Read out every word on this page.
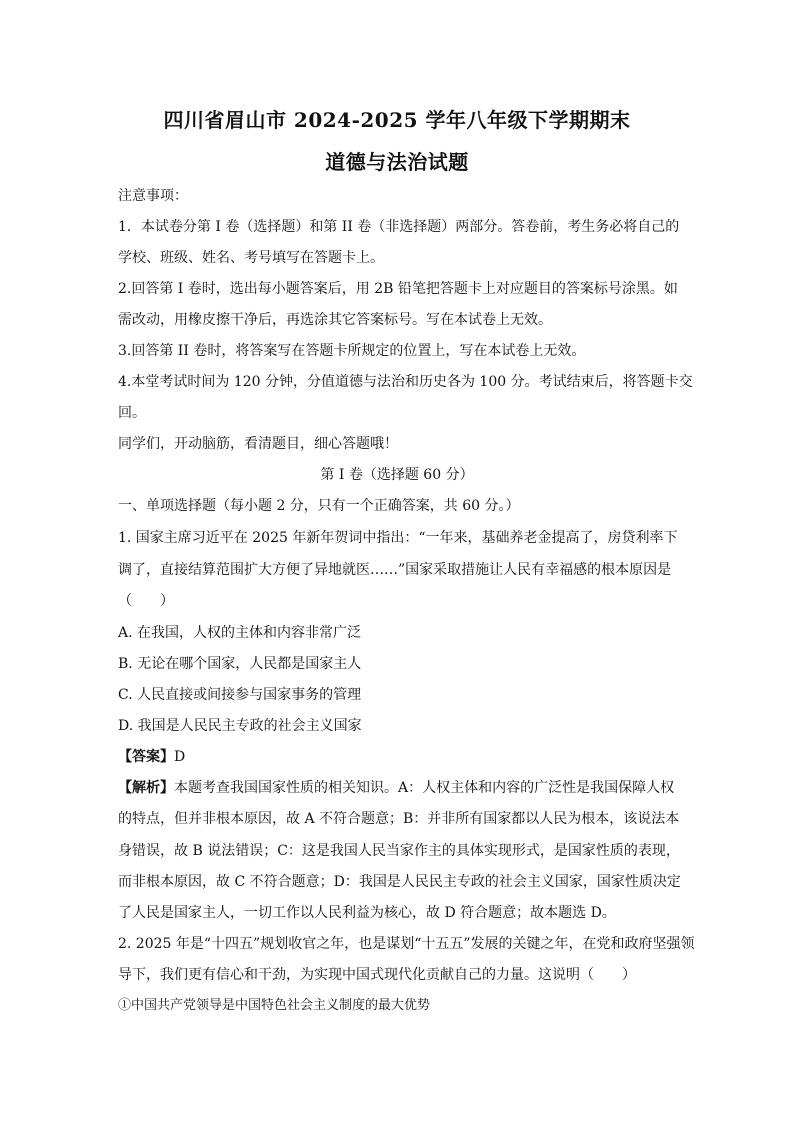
四川省眉山市 2024-2025 学年八年级下学期期末
道德与法治试题
注意事项：
1．本试卷分第 I 卷（选择题）和第 II 卷（非选择题）两部分。答卷前，考生务必将自己的
学校、班级、姓名、考号填写在答题卡上。
2.回答第 I 卷时，选出每小题答案后，用 2B 铅笔把答题卡上对应题目的答案标号涂黑。如
需改动，用橡皮擦干净后，再选涂其它答案标号。写在本试卷上无效。
3.回答第 II 卷时，将答案写在答题卡所规定的位置上，写在本试卷上无效。
4.本堂考试时间为 120 分钟，分值道德与法治和历史各为 100 分。考试结束后，将答题卡交
回。
同学们，开动脑筋，看清题目，细心答题哦！
第 I 卷（选择题 60 分）
一、单项选择题（每小题 2 分，只有一个正确答案，共 60 分。）
1. 国家主席习近平在 2025 年新年贺词中指出：“一年来，基础养老金提高了，房贷利率下
调了，直接结算范围扩大方便了异地就医……”国家采取措施让人民有幸福感的根本原因是
（　　）
A. 在我国，人权的主体和内容非常广泛
B. 无论在哪个国家，人民都是国家主人
C. 人民直接或间接参与国家事务的管理
D. 我国是人民民主专政的社会主义国家
【答案】D
【解析】本题考查我国国家性质的相关知识。A：人权主体和内容的广泛性是我国保障人权
的特点，但并非根本原因，故 A 不符合题意；B：并非所有国家都以人民为根本，该说法本
身错误，故 B 说法错误；C：这是我国人民当家作主的具体实现形式，是国家性质的表现，
而非根本原因，故 C 不符合题意；D：我国是人民民主专政的社会主义国家，国家性质决定
了人民是国家主人，一切工作以人民利益为核心，故 D 符合题意；故本题选 D。
2. 2025 年是“十四五”规划收官之年，也是谋划“十五五”发展的关键之年，在党和政府坚强领
导下，我们更有信心和干劲，为实现中国式现代化贡献自己的力量。这说明（　　）
①中国共产党领导是中国特色社会主义制度的最大优势
